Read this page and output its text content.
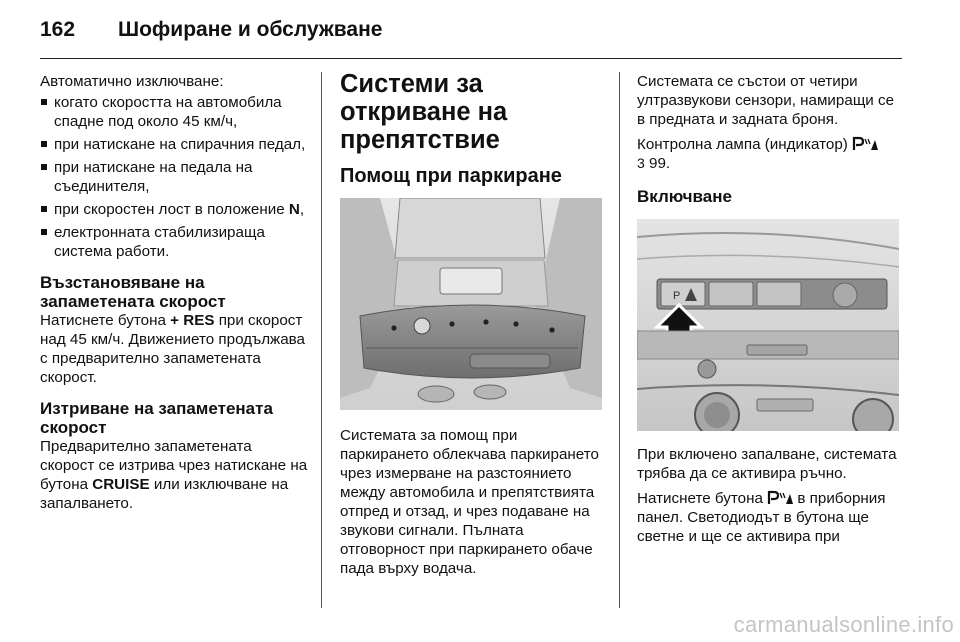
162	Шофиране и обслужване

Автоматично изключване:

когато скоростта на автомобила спадне под около 45 км/ч,
при натискане на спирачния педал,
при натискане на педала на съединителя,
при скоростен лост в положение N,
електронната стабилизираща система работи.
Възстановяване на запаметената скорост

Натиснете бутона + RES при скорост над 45 км/ч. Движението продължава с предварително запаметената скорост.

Изтриване на запаметената скорост

Предварително запаметената скорост се изтрива чрез натискане на бутона CRUISE или изключване на запалването.

Системи за откриване на препятствие
Помощ при паркиране

Системата за помощ при паркирането облекчава паркирането чрез измерване на разстоянието между автомобила и препятствията отпред и отзад, и чрез подаване на звукови сигнали. Пълната отговорност при паркирането обаче пада върху водача.

Системата се състои от четири ултразвукови сензори, намиращи се в предната и задната броня.

Контролна лампа (индикатор)
3 99.

Включване
P

При включено запалване, системата трябва да се активира ръчно.

Натиснете бутона  в приборния панел. Светодиодът в бутона ще светне и ще се активира при

carmanualsonline.info
